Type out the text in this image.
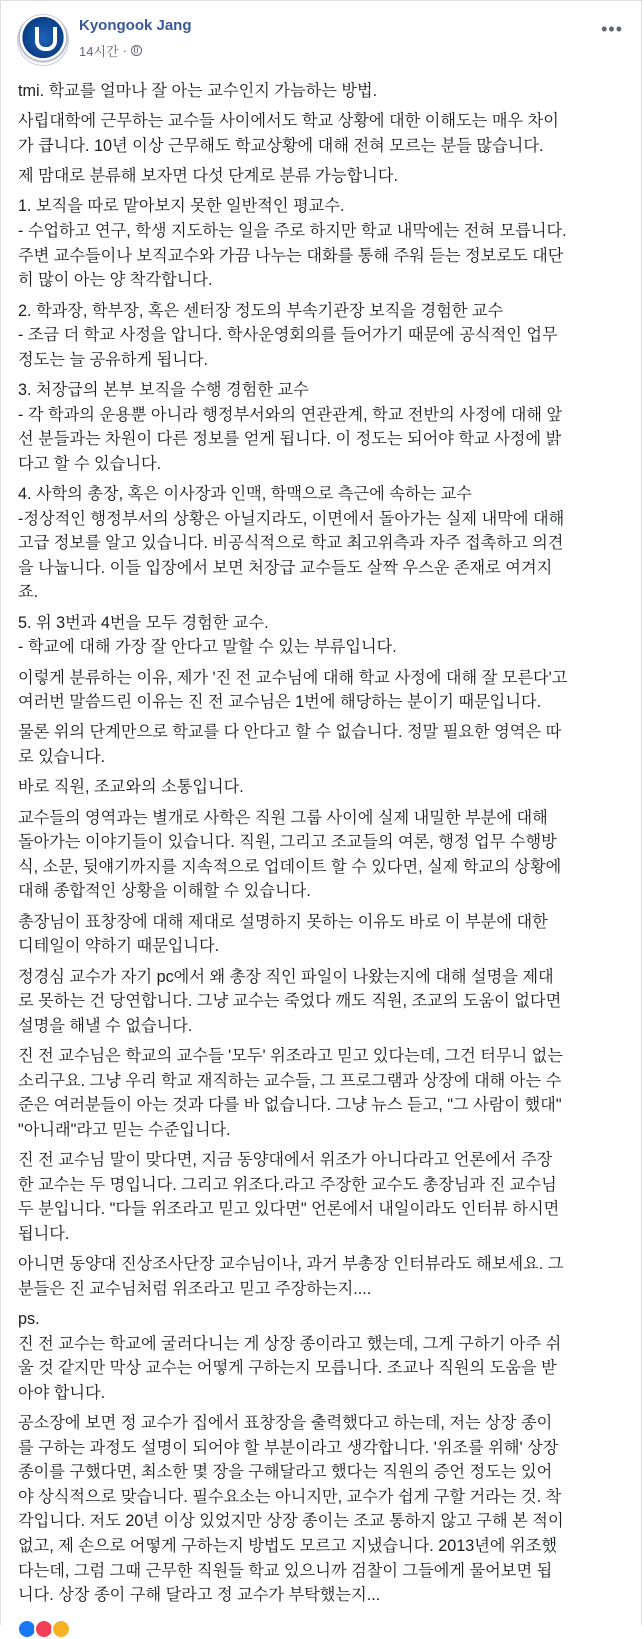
Kyongook Jang
14시간 ·
•••
tmi. 학교를 얼마나 잘 아는 교수인지 가늠하는 방법.
사립대학에 근무하는 교수들 사이에서도 학교 상황에 대한 이해도는 매우 차이
가 큽니다. 10년 이상 근무해도 학교상황에 대해 전혀 모르는 분들 많습니다.
제 맘대로 분류해 보자면 다섯 단계로 분류 가능합니다.
1. 보직을 따로 맡아보지 못한 일반적인 평교수.
- 수업하고 연구, 학생 지도하는 일을 주로 하지만 학교 내막에는 전혀 모릅니다.
주변 교수들이나 보직교수와 가끔 나누는 대화를 통해 주워 듣는 정보로도 대단
히 많이 아는 양 착각합니다.
2. 학과장, 학부장, 혹은 센터장 정도의 부속기관장 보직을 경험한 교수
- 조금 더 학교 사정을 압니다. 학사운영회의를 들어가기 때문에 공식적인 업무
정도는 늘 공유하게 됩니다.
3. 처장급의 본부 보직을 수행 경험한 교수
- 각 학과의 운용뿐 아니라 행정부서와의 연관관계, 학교 전반의 사정에 대해 앞
선 분들과는 차원이 다른 정보를 얻게 됩니다. 이 정도는 되어야 학교 사정에 밝
다고 할 수 있습니다.
4. 사학의 총장, 혹은 이사장과 인맥, 학맥으로 측근에 속하는 교수
-정상적인 행정부서의 상황은 아닐지라도, 이면에서 돌아가는 실제 내막에 대해
고급 정보를 알고 있습니다. 비공식적으로 학교 최고위측과 자주 접촉하고 의견
을 나눕니다. 이들 입장에서 보면 처장급 교수들도 살짝 우스운 존재로 여겨지
죠.
5. 위 3번과 4번을 모두 경험한 교수.
- 학교에 대해 가장 잘 안다고 말할 수 있는 부류입니다.
이렇게 분류하는 이유, 제가 '진 전 교수님에 대해 학교 사정에 대해 잘 모른다'고
여러번 말씀드린 이유는 진 전 교수님은 1번에 해당하는 분이기 때문입니다.
물론 위의 단계만으로 학교를 다 안다고 할 수 없습니다. 정말 필요한 영역은 따
로 있습니다.
바로 직원, 조교와의 소통입니다.
교수들의 영역과는 별개로 사학은 직원 그룹 사이에 실제 내밀한 부분에 대해
돌아가는 이야기들이 있습니다. 직원, 그리고 조교들의 여론, 행정 업무 수행방
식, 소문, 뒷얘기까지를 지속적으로 업데이트 할 수 있다면, 실제 학교의 상황에
대해 종합적인 상황을 이해할 수 있습니다.
총장님이 표창장에 대해 제대로 설명하지 못하는 이유도 바로 이 부분에 대한
디테일이 약하기 때문입니다.
정경심 교수가 자기 pc에서 왜 총장 직인 파일이 나왔는지에 대해 설명을 제대
로 못하는 건 당연합니다. 그냥 교수는 죽었다 깨도 직원, 조교의 도움이 없다면
설명을 해낼 수 없습니다.
진 전 교수님은 학교의 교수들 '모두' 위조라고 믿고 있다는데, 그건 터무니 없는
소리구요. 그냥 우리 학교 재직하는 교수들, 그 프로그램과 상장에 대해 아는 수
준은 여러분들이 아는 것과 다를 바 없습니다. 그냥 뉴스 듣고, "그 사람이 했대"
"아니래"라고 믿는 수준입니다.
진 전 교수님 말이 맞다면, 지금 동양대에서 위조가 아니다라고 언론에서 주장
한 교수는 두 명입니다. 그리고 위조다.라고 주장한 교수도 총장님과 진 교수님
두 분입니다. "다들 위조라고 믿고 있다면" 언론에서 내일이라도 인터뷰 하시면
됩니다.
아니면 동양대 진상조사단장 교수님이나, 과거 부총장 인터뷰라도 해보세요. 그
분들은 진 교수님처럼 위조라고 믿고 주장하는지....
ps.
진 전 교수는 학교에 굴러다니는 게 상장 종이라고 했는데, 그게 구하기 아주 쉬
울 것 같지만 막상 교수는 어떻게 구하는지 모릅니다. 조교나 직원의 도움을 받
아야 합니다.
공소장에 보면 정 교수가 집에서 표창장을 출력했다고 하는데, 저는 상장 종이
를 구하는 과정도 설명이 되어야 할 부분이라고 생각합니다. '위조를 위해' 상장
종이를 구했다면, 최소한 몇 장을 구해달라고 했다는 직원의 증언 정도는 있어
야 상식적으로 맞습니다. 필수요소는 아니지만, 교수가 쉽게 구할 거라는 것. 착
각입니다. 저도 20년 이상 있었지만 상장 종이는 조교 통하지 않고 구해 본 적이
없고, 제 손으로 어떻게 구하는지 방법도 모르고 지냈습니다. 2013년에 위조했
다는데, 그럼 그때 근무한 직원들 학교 있으니까 검찰이 그들에게 물어보면 됩
니다. 상장 종이 구해 달라고 정 교수가 부탁했는지...
